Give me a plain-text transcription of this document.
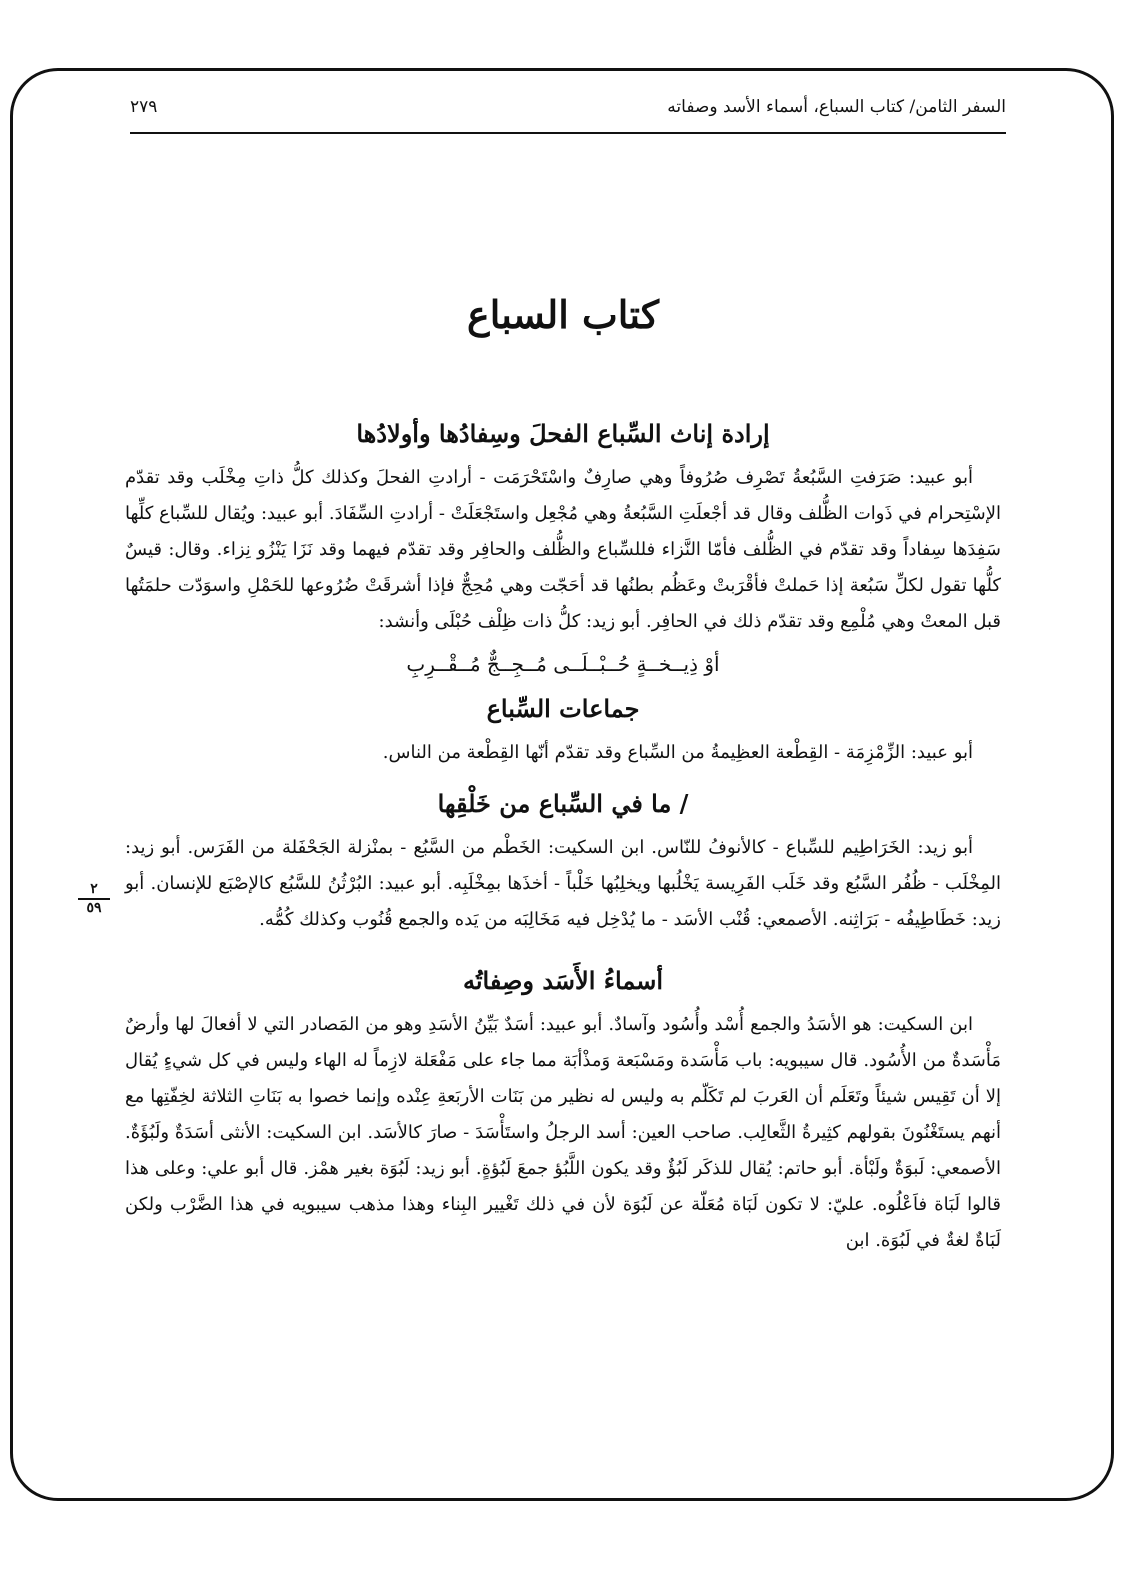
السفر الثامن/ كتاب السباع، أسماء الأسد وصفاته
٢٧٩
٢
٥٩
كتاب السباع
إرادة إناث السِّباع الفحلَ وسِفادُها وأولادُها

أبو عبيد: صَرَفتِ السَّبُعةُ تَصْرِف صُرُوفاً وهي صارِفٌ واسْتَحْرَمَت - أرادتِ الفحلَ وكذلك كلُّ ذاتِ مِخْلَب وقد تقدّم الإسْتِحرام في ذَوات الظُّلف وقال قد أجْعلَتِ السَّبُعةُ وهي مُجْعِل واستَجْعَلَتْ - أرادتِ السِّفَادَ. أبو عبيد: ويُقال للسِّباع كلِّها سَفِدَها سِفاداً وقد تقدّم في الظُّلف فأمّا النَّزاء فللسِّباع والظُّلف والحافِر وقد تقدّم فيهما وقد نَزَا يَنْزُو نِزاء. وقال: قيسٌ كلُّها تقول لكلِّ سَبُعة إذا حَملتْ فأقْرَبتْ وعَظُم بطنُها قد أحَجّت وهي مُحِجٌّ فإذا أشرقَتْ ضُرُوعها للحَمْلِ واسوَدّت حلمَتُها قبل المعتْ وهي مُلْمِع وقد تقدّم ذلك في الحافِر. أبو زيد: كلُّ ذات ظِلْف حُبْلَى وأنشد:

أوْ ذِيــخــةٍ حُــبْــلَــى مُــجِــجٌّ مُــقْــرِبِ
جماعات السِّباع

أبو عبيد: الزِّمْزِمَة - القِطْعة العظِيمةُ من السِّباع وقد تقدّم أنّها القِطْعة من الناس.

/ ما في السِّباع من خَلْقِها

أبو زيد: الخَرَاطِيم للسِّباع - كالأنوفُ للنّاس. ابن السكيت: الخَطْم من السَّبُع - بمنْزلة الجَحْفَلة من الفَرَس. أبو زيد: المِخْلَب - ظُفُر السَّبُع وقد خَلَب الفَرِيسة يَخْلُبها ويخلِبُها خَلْباً - أخذَها بمِخْلَبِه. أبو عبيد: البُرْثُنُ للسَّبُع كالإصْبَع للإنسان. أبو زيد: خَطَاطِيفُه - بَرَاثِنه. الأصمعي: قُنْب الأسَد - ما يُدْخِل فيه مَخَالِبَه من يَده والجمع قُنُوب وكذلك كُمُّه.

أسماءُ الأَسَد وصِفاتُه

ابن السكيت: هو الأسَدُ والجمع أُسْد وأُسُود وآسادٌ. أبو عبيد: أسَدٌ بَيِّنُ الأسَدِ وهو من المَصادر التي لا أفعالَ لها وأرضٌ مَأْسَدةٌ من الأُسُود. قال سيبويه: باب مَأْسَدة ومَسْبَعة وَمذْأبَة مما جاء على مَفْعَلة لازِماً له الهاء وليس في كل شيءٍ يُقال إلا أن تَقِيس شيئاً وتَعَلَم أن العَربَ لم تَكَلّم به وليس له نظير من بَنَات الأربَعةِ عِنْده وإنما خصوا به بَنَاتِ الثلاثة لخِفّتِها مع أنهم يستَغْنُونَ بقولهم كثِيرةُ الثَّعالِب. صاحب العين: أسد الرجلُ واستَأْسَدَ - صارَ كالأسَد. ابن السكيت: الأنثى أسَدَةٌ ولَبُؤَةٌ. الأصمعي: لَبوَةٌ ولَبْأة. أبو حاتم: يُقال للذكَر لَبُؤٌ وقد يكون اللَّبُؤ جمعَ لَبُؤةٍ. أبو زيد: لَبُوَة بغير همْز. قال أبو علي: وعلى هذا قالوا لَبَاة فاَعْلُوه. عليّ: لا تكون لَبَاة مُعَلّة عن لَبُوَة لأن في ذلك تَغْيير البِناء وهذا مذهب سيبويه في هذا الضَّرْب ولكن لَبَاةٌ لغةٌ في لَبُوَة. ابن
